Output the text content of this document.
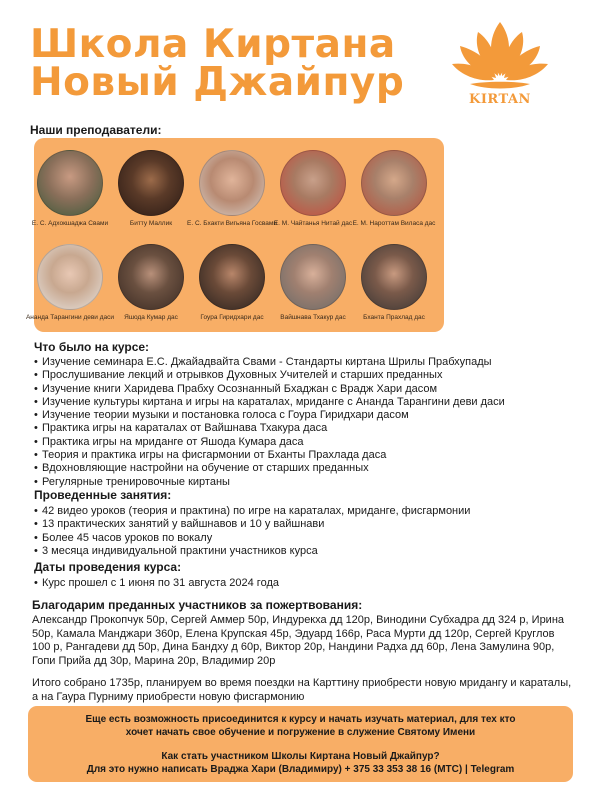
Школа Киртана
Новый Джайпур	KIRTAN
Наши преподаватели:
Е. С. Адхокшаджа Свами	Битту Маллик	Е. С. Бхакти Вигьяна Госвами
Е. М. Чайтанья Нитай дас Е. М. Нароттам Виласа дас
Ананда Тарангини деви даси	Яшода Кумар дас	Гоура Гиридхари дас	Вайшнава Тхакур дас	Бханта Прахлад дас
Что было на курсе:
• Изучение семинара Е.С. Джайадвайта Свами - Стандарты киртана Шрилы Прабхупады
• Прослушивание лекций и отрывков Духовных Учителей и старших преданных
• Изучение книги Харидева Прабху Осознанный Бхаджан с Врадж Хари дасом
• Изучение культуры киртана и игры на караталах, мриданге с Ананда Тарангини деви даси
• Изучение теории музыки и постановка голоса с Гоура Гиридхари дасом
• Практика игры на караталах от Вайшнава Тхакура даса
• Практика игры на мриданге от Яшода Кумара даса
• Теория и практика игры на фисгармонии от Бханты Прахлада даса
• Вдохновляющие настройни на обучение от старших преданных
• Регулярные тренировочные киртаны
Проведенные занятия:
• 42 видео уроков (теория и практина) по игре на караталах, мриданге, фисгармонии
• 13 практических занятий у вайшнавов и 10 у вайшнави
• Более 45 часов уроков по вокалу
• 3 месяца индивидуальной практини участников курса
Даты проведения курса:
• Курс прошел с 1 июня по 31 августа 2024 года
Благодарим преданных участников за пожертвования:
Александр Прокопчук 50р, Сергей Аммер 50р, Индурекха дд 120р, Винодини Субхадра дд 324 р, Ирина 50р, Камала Манджари 360р, Елена Крупская 45р, Эдуард 166р, Раса Мурти дд 120р, Сергей Круглов 100 р, Рангадеви дд 50р, Дина Бандху д 60р, Виктор 20р, Нандини Радха дд 60р, Лена Замулина 90р, Гопи Прийа дд 30р, Марина 20р, Владимир 20р
Итого собрано 1735р, планируем во время поездки на Карттину приобрести новую мридангу и караталы, а на Гаура Пурниму приобрести новую фисгармонию

Еще есть возможность присоединится к курсу и начать изучать материал, для тех кто

хочет начать свое обучение и погружение в служение Святому Имени

Как стать участником Школы Киртана Новый Джайпур?

Для это нужно написать Враджа Хари (Владимиру) + 375 33 353 38 16 (МТС) | Telegram
